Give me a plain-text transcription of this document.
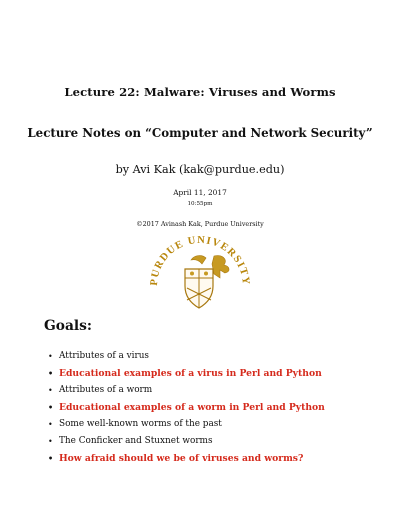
Lecture 22: Malware: Viruses and Worms
Lecture Notes on “Computer and Network Security”
by Avi Kak (kak@purdue.edu)
April 11, 2017
10:55pm
©2017 Avinash Kak, Purdue University
PURDUE UNIVERSITY
Goals:
• Attributes of a virus
• Educational examples of a virus in Perl and Python
• Attributes of a worm
• Educational examples of a worm in Perl and Python
• Some well-known worms of the past
• The Conficker and Stuxnet worms
• How afraid should we be of viruses and worms?
